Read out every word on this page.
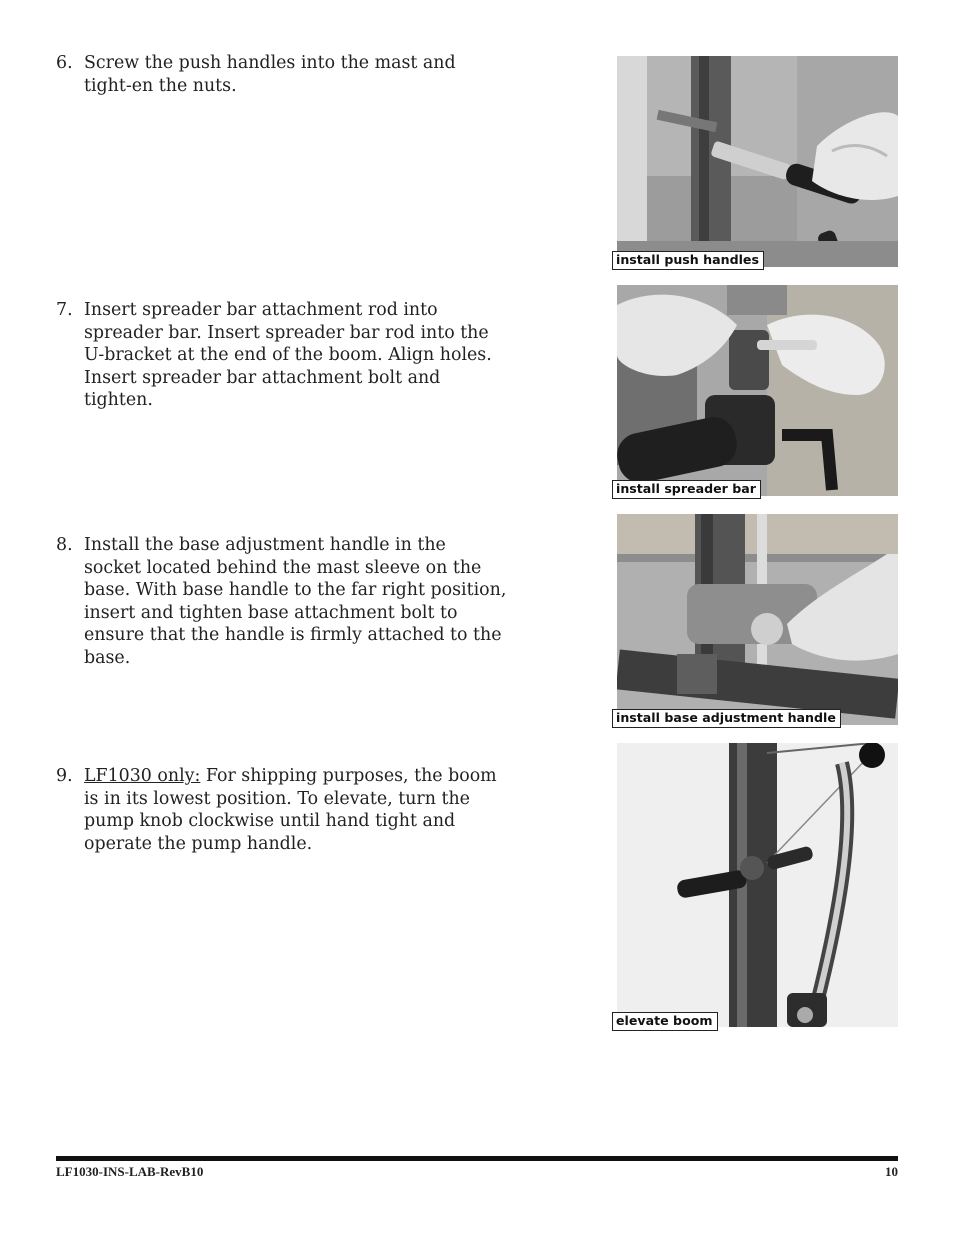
6. Screw the push handles into the mast and tight-en the nuts.
7. Insert spreader bar attachment rod into spreader bar. Insert spreader bar rod into the U-bracket at the end of the boom. Align holes. Insert spreader bar attachment bolt and tighten.
8. Install the base adjustment handle in the socket located behind the mast sleeve on the base. With base handle to the far right position, insert and tighten base attachment bolt to ensure that the handle is firmly attached to the base.
9. LF1030 only: For shipping purposes, the boom is in its lowest position. To elevate, turn the pump knob clockwise until hand tight and operate the pump handle.
install push handles
install spreader bar
install base adjustment handle
elevate boom
LF1030-INS-LAB-RevB10	10
